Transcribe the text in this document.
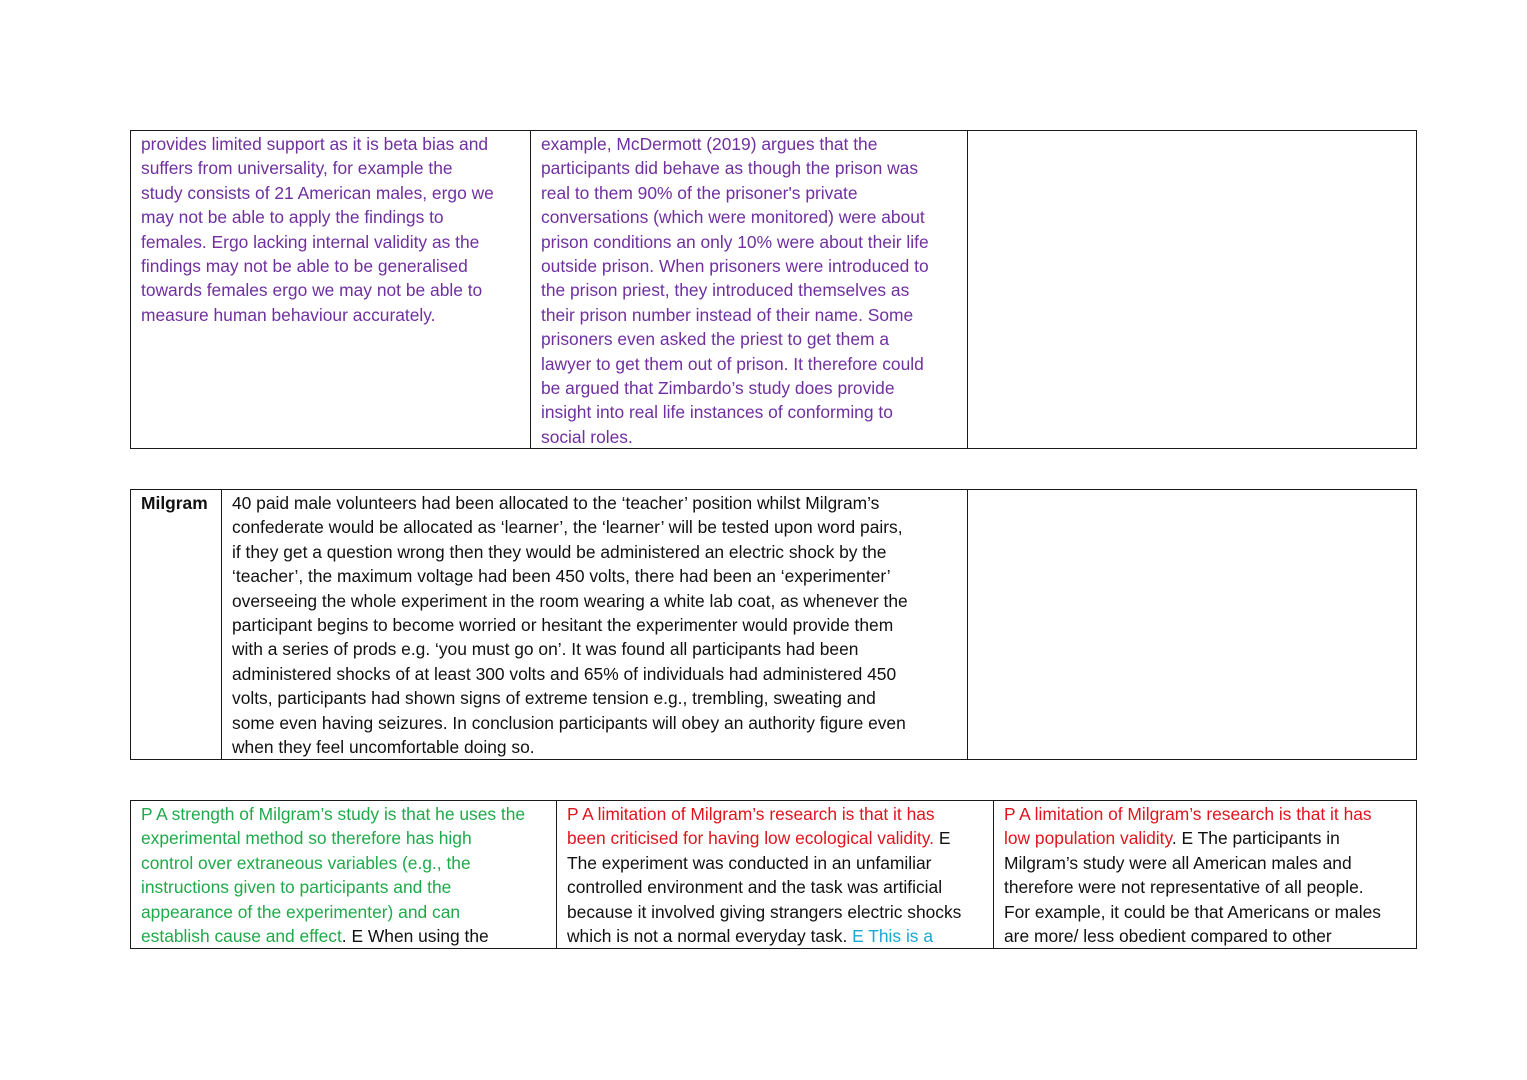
provides limited support as it is beta bias and

suffers from universality, for example the

study consists of 21 American males, ergo we

may not be able to apply the findings to

females. Ergo lacking internal validity as the

findings may not be able to be generalised

towards females ergo we may not be able to

measure human behaviour accurately.

example, McDermott (2019) argues that the

participants did behave as though the prison was

real to them 90% of the prisoner's private

conversations (which were monitored) were about

prison conditions an only 10% were about their life

outside prison. When prisoners were introduced to

the prison priest, they introduced themselves as

their prison number instead of their name. Some

prisoners even asked the priest to get them a

lawyer to get them out of prison. It therefore could

be argued that Zimbardo’s study does provide

insight into real life instances of conforming to

social roles.

Milgram	40 paid male volunteers had been allocated to the ‘teacher’ position whilst Milgram’s

confederate would be allocated as ‘learner’, the ‘learner’ will be tested upon word pairs,

if they get a question wrong then they would be administered an electric shock by the

‘teacher’, the maximum voltage had been 450 volts, there had been an ‘experimenter’

overseeing the whole experiment in the room wearing a white lab coat, as whenever the

participant begins to become worried or hesitant the experimenter would provide them

with a series of prods e.g. ‘you must go on’. It was found all participants had been

administered shocks of at least 300 volts and 65% of individuals had administered 450

volts, participants had shown signs of extreme tension e.g., trembling, sweating and

some even having seizures. In conclusion participants will obey an authority figure even

when they feel uncomfortable doing so.

P A strength of Milgram’s study is that he uses the

experimental method so therefore has high

control over extraneous variables (e.g., the

instructions given to participants and the

appearance of the experimenter) and can

establish cause and effect. E When using the

P A limitation of Milgram’s research is that it has

been criticised for having low ecological validity. E

The experiment was conducted in an unfamiliar

controlled environment and the task was artificial

because it involved giving strangers electric shocks

which is not a normal everyday task. E This is a

P A limitation of Milgram’s research is that it has

low population validity. E The participants in

Milgram’s study were all American males and

therefore were not representative of all people.

For example, it could be that Americans or males

are more/ less obedient compared to other
